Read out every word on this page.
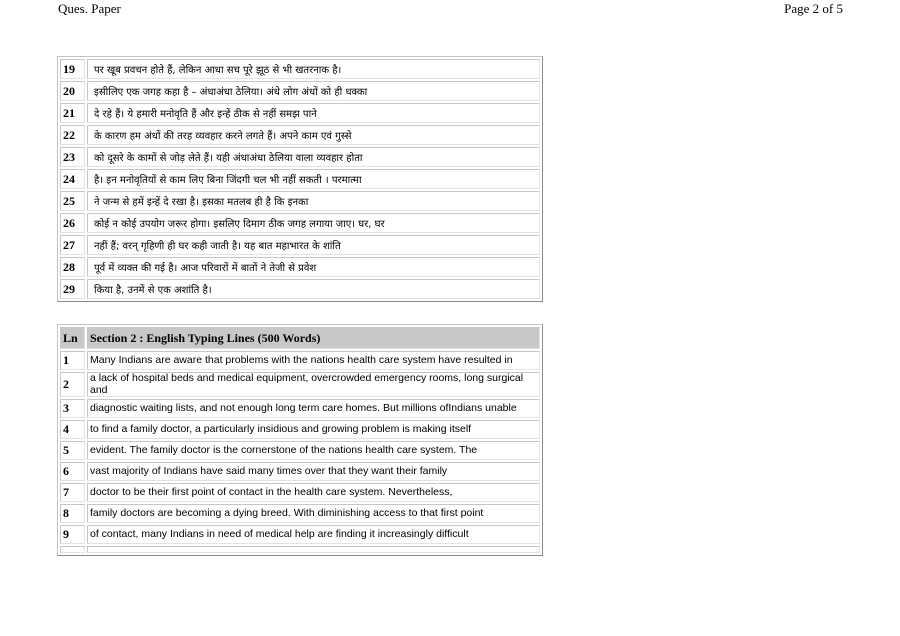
Ques. Paper	Page 2 of 5
19	पर खूब प्रवचन होते हैं, लेकिन आधा सच पूरे झूठ से भी खतरनाक है।
20	इसीलिए एक जगह कहा है – अंधाअंधा ठेलिया। अंधे लोग अंधों को ही धक्का
21	दे रहे हैं। ये हमारी मनोवृति हैं और इन्हें ठीक से नहीं समझ पाने
22	के कारण हम अंधों की तरह व्यवहार करने लगते हैं। अपने काम एवं गुस्से
23	को दूसरे के कामों से जोड़ लेते हैं। यही अंधाअंधा ठेलिया वाला व्यवहार होता
24	है। इन मनोवृतियों से काम लिए बिना जिंदगी चल भी नहीं सकती । परमात्मा
25	ने जन्म से हमें इन्हें दे रखा है। इसका मतलब ही है कि इनका
26	कोई न कोई उपयोग जरूर होगा। इसलिए दिमाग ठीक जगह लगाया जाए। घर, घर
27	नहीं हैं; वरन् गृहिणी ही घर कही जाती है। यह बात महाभारत के शांति
28	पूर्व में व्यक्त की गई है। आज परिवारों में बातों ने तेजी से प्रवेश
29	किया है, उनमें से एक अशांति है।
Ln	Section 2 : English Typing Lines (500 Words)
1	Many Indians are aware that problems with the nations health care system have resulted in
2	a lack of hospital beds and medical equipment, overcrowded emergency rooms, long surgical and
3	diagnostic waiting lists, and not enough long term care homes. But millions ofIndians unable
4	to find a family doctor, a particularly insidious and growing problem is making itself
5	evident. The family doctor is the cornerstone of the nations health care system. The
6	vast majority of Indians have said many times over that they want their family
7	doctor to be their first point of contact in the health care system. Nevertheless,
8	family doctors are becoming a dying breed. With diminishing access to that first point
9	of contact, many Indians in need of medical help are finding it increasingly difficult
